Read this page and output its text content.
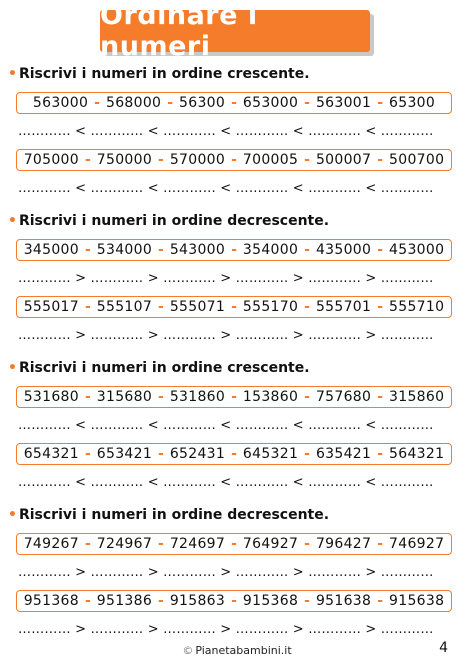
Ordinare i numeri
• Riscrivi i numeri in ordine crescente.
563000 - 568000 - 56300 - 653000 - 563001 - 65300
………… < ………… < ………… < ………… < ………… < …………
705000 - 750000 - 570000 - 700005 - 500007 - 500700
………… < ………… < ………… < ………… < ………… < …………
• Riscrivi i numeri in ordine decrescente.
345000 - 534000 - 543000 - 354000 - 435000 - 453000
………… > ………… > ………… > ………… > ………… > …………
555017 - 555107 - 555071 - 555170 - 555701 - 555710
………… > ………… > ………… > ………… > ………… > …………
• Riscrivi i numeri in ordine crescente.
531680 - 315680 - 531860 - 153860 - 757680 - 315860
………… < ………… < ………… < ………… < ………… < …………
654321 - 653421 - 652431 - 645321 - 635421 - 564321
………… < ………… < ………… < ………… < ………… < …………
• Riscrivi i numeri in ordine decrescente.
749267 - 724967 - 724697 - 764927 - 796427 - 746927
………… > ………… > ………… > ………… > ………… > …………
951368 - 951386 - 915863 - 915368 - 951638 - 915638
………… > ………… > ………… > ………… > ………… > …………
© Pianetabambini.it	4
